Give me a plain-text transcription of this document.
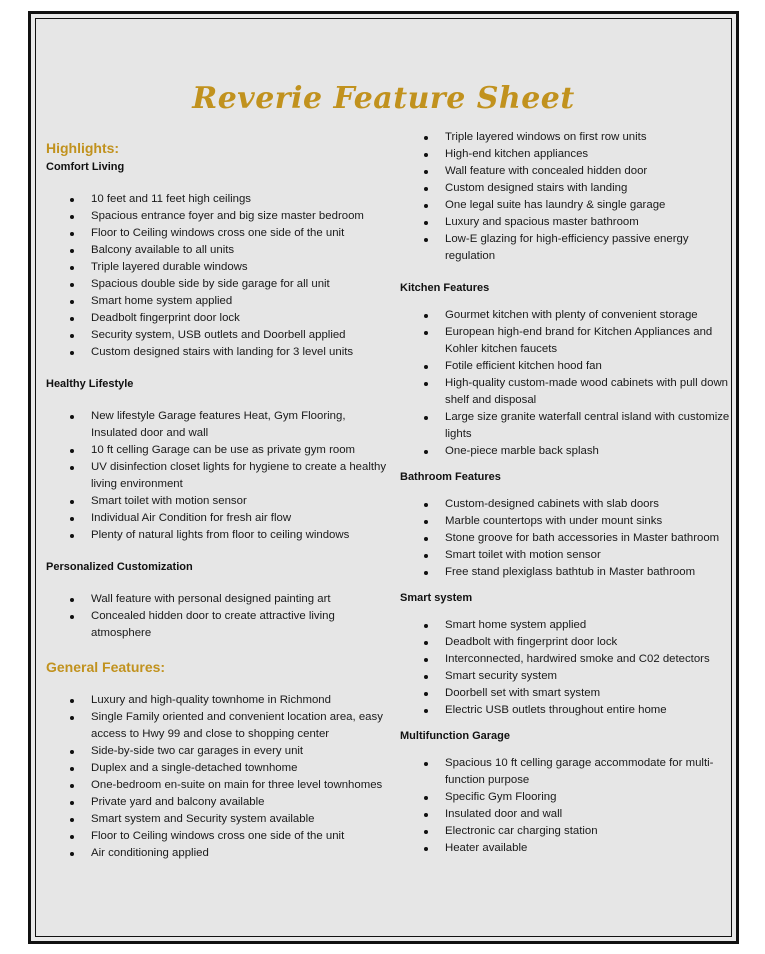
Reverie Feature Sheet
Highlights:
Comfort Living
10 feet and 11 feet high ceilings
Spacious entrance foyer and big size master bedroom
Floor to Ceiling windows cross one side of the unit
Balcony available to all units
Triple layered durable windows
Spacious double side by side garage for all unit
Smart home system applied
Deadbolt fingerprint door lock
Security system, USB outlets and Doorbell applied
Custom designed stairs with landing for 3 level units
Healthy Lifestyle
New lifestyle Garage features Heat, Gym Flooring, Insulated door and wall
10 ft celling Garage can be use as private gym room
UV disinfection closet lights for hygiene to create a healthy living environment
Smart toilet with motion sensor
Individual Air Condition for fresh air flow
Plenty of natural lights from floor to ceiling windows
Personalized Customization
Wall feature with personal designed painting art
Concealed hidden door to create attractive living atmosphere
General Features:
Luxury and high-quality townhome in Richmond
Single Family oriented and convenient location area, easy access to Hwy 99 and close to shopping center
Side-by-side two car garages in every unit
Duplex and a single-detached townhome
One-bedroom en-suite on main for three level townhomes
Private yard and balcony available
Smart system and Security system available
Floor to Ceiling windows cross one side of the unit
Air conditioning applied
Triple layered windows on first row units
High-end kitchen appliances
Wall feature with concealed hidden door
Custom designed stairs with landing
One legal suite has laundry & single garage
Luxury and spacious master bathroom
Low-E glazing for high-efficiency passive energy regulation
Kitchen Features
Gourmet kitchen with plenty of convenient storage
European high-end brand for Kitchen Appliances and Kohler kitchen faucets
Fotile efficient kitchen hood fan
High-quality custom-made wood cabinets with pull down shelf and disposal
Large size granite waterfall central island with customize lights
One-piece marble back splash
Bathroom Features
Custom-designed cabinets with slab doors
Marble countertops with under mount sinks
Stone groove for bath accessories in Master bathroom
Smart toilet with motion sensor
Free stand plexiglass bathtub in Master bathroom
Smart system
Smart home system applied
Deadbolt with fingerprint door lock
Interconnected, hardwired smoke and C02 detectors
Smart security system
Doorbell set with smart system
Electric USB outlets throughout entire home
Multifunction Garage
Spacious 10 ft celling garage accommodate for multi-function purpose
Specific Gym Flooring
Insulated door and wall
Electronic car charging station
Heater available
